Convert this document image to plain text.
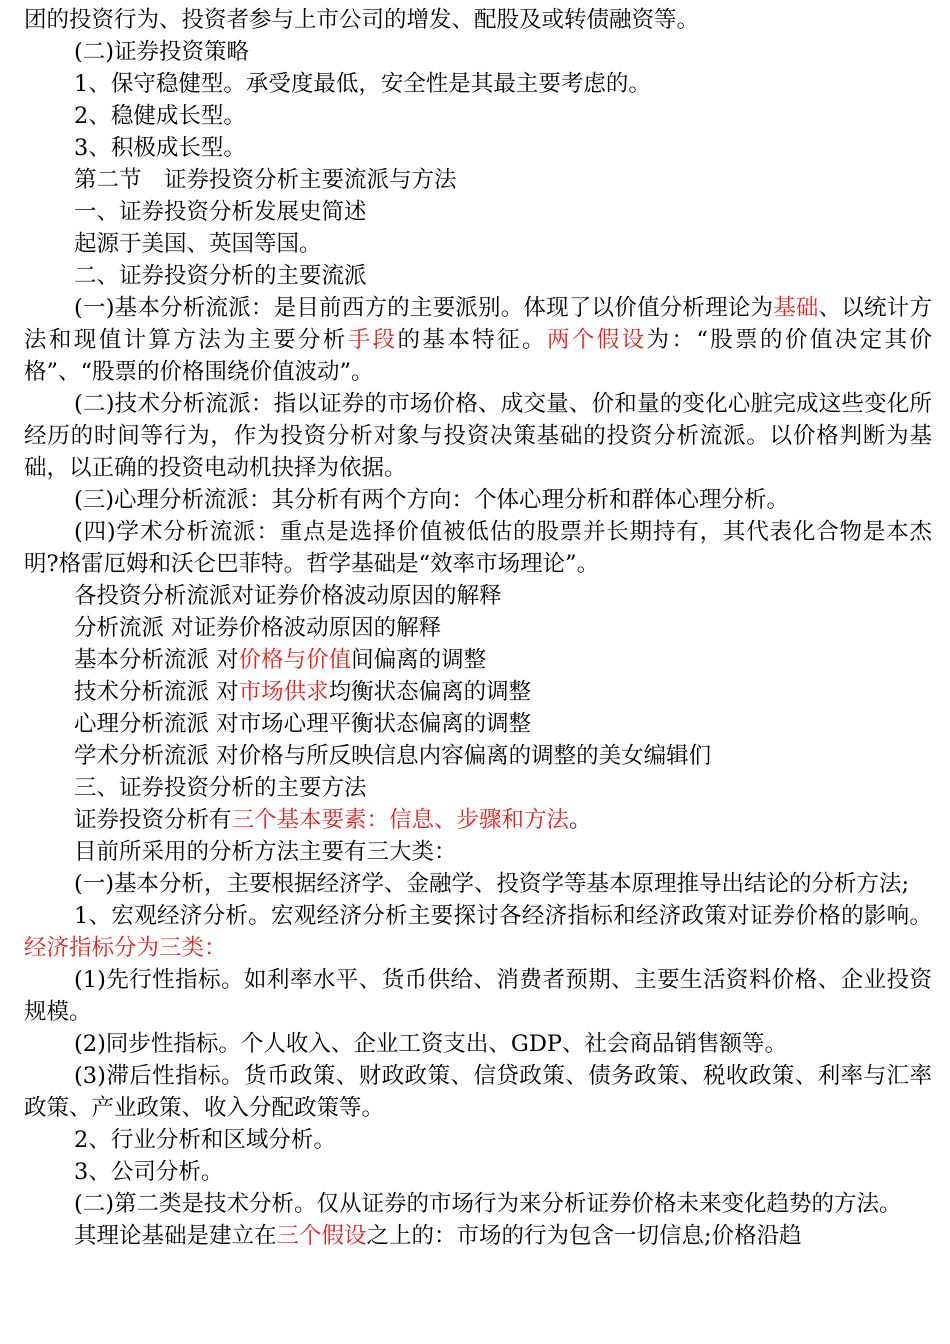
团的投资行为、投资者参与上市公司的增发、配股及或转债融资等。

(二)证券投资策略

1、保守稳健型。承受度最低，安全性是其最主要考虑的。

2、稳健成长型。

3、积极成长型。

第二节　证券投资分析主要流派与方法

一、证券投资分析发展史简述

起源于美国、英国等国。

二、证券投资分析的主要流派

(一)基本分析流派：是目前西方的主要派别。体现了以价值分析理论为基础、以统计方法和现值计算方法为主要分析手段的基本特征。两个假设为：“股票的价值决定其价格”、“股票的价格围绕价值波动”。

(二)技术分析流派：指以证券的市场价格、成交量、价和量的变化心脏完成这些变化所经历的时间等行为，作为投资分析对象与投资决策基础的投资分析流派。以价格判断为基础，以正确的投资电动机抉择为依据。

(三)心理分析流派：其分析有两个方向：个体心理分析和群体心理分析。

(四)学术分析流派：重点是选择价值被低估的股票并长期持有，其代表化合物是本杰明?格雷厄姆和沃仑巴菲特。哲学基础是“效率市场理论”。

各投资分析流派对证券价格波动原因的解释

分析流派 对证券价格波动原因的解释

基本分析流派 对价格与价值间偏离的调整

技术分析流派 对市场供求均衡状态偏离的调整

心理分析流派 对市场心理平衡状态偏离的调整

学术分析流派 对价格与所反映信息内容偏离的调整的美女编辑们

三、证券投资分析的主要方法

证券投资分析有三个基本要素：信息、步骤和方法。

目前所采用的分析方法主要有三大类：

(一)基本分析，主要根据经济学、金融学、投资学等基本原理推导出结论的分析方法;

1、宏观经济分析。宏观经济分析主要探讨各经济指标和经济政策对证券价格的影响。经济指标分为三类：

(1)先行性指标。如利率水平、货币供给、消费者预期、主要生活资料价格、企业投资规模。

(2)同步性指标。个人收入、企业工资支出、GDP、社会商品销售额等。

(3)滞后性指标。货币政策、财政政策、信贷政策、债务政策、税收政策、利率与汇率政策、产业政策、收入分配政策等。

2、行业分析和区域分析。

3、公司分析。

(二)第二类是技术分析。仅从证券的市场行为来分析证券价格未来变化趋势的方法。

其理论基础是建立在三个假设之上的：市场的行为包含一切信息;价格沿趋
